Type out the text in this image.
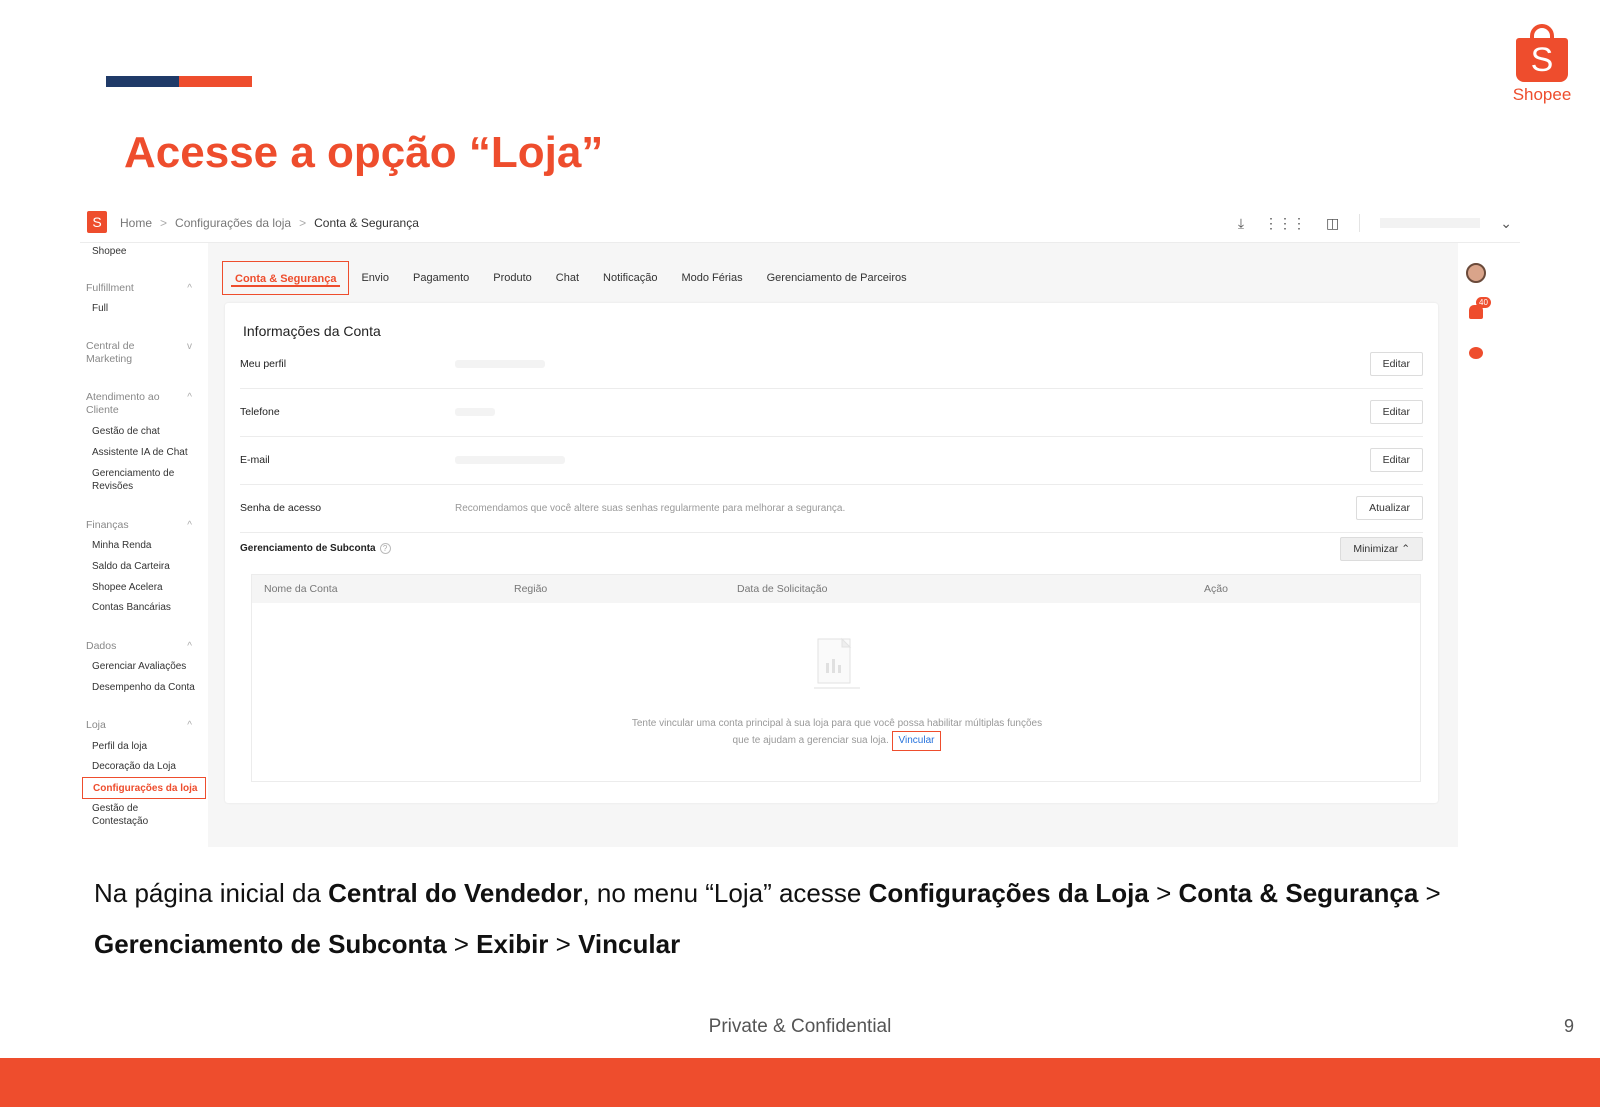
S
Shopee
Acesse a opção “Loja”
S	Home > Configurações da loja > Conta & Segurança	⤓ ⋮⋮⋮ ◫	⌄
Shopee
Fulfillment	^
Full
Central de
Marketing
v
Atendimento ao
Cliente
^
Gestão de chat
Assistente IA de Chat
Gerenciamento de
Revisões
Finanças	^
Minha Renda
Saldo da Carteira
Shopee Acelera
Contas Bancárias
Dados	^
Gerenciar Avaliações
Desempenho da Conta
Loja	^
Perfil da loja
Decoração da Loja
Configurações da loja
Gestão de
Contestação
Conta & Segurança	Envio	Pagamento	Produto	Chat	Notificação	Modo Férias	Gerenciamento de Parceiros
Informações da Conta
Meu perfil	Editar
Telefone	Editar
E-mail	Editar
Senha de acesso	Recomendamos que você altere suas senhas regularmente para melhorar a segurança.	Atualizar
Gerenciamento de Subconta ?	Minimizar ⌃
Nome da Conta	Região	Data de Solicitação	Ação
Tente vincular uma conta principal à sua loja para que você possa habilitar múltiplas funções
que te ajudam a gerenciar sua loja. Vincular
40
Na página inicial da Central do Vendedor, no menu “Loja” acesse Configurações da Loja > Conta & Segurança > Gerenciamento de Subconta > Exibir > Vincular
Private & Confidential	9
